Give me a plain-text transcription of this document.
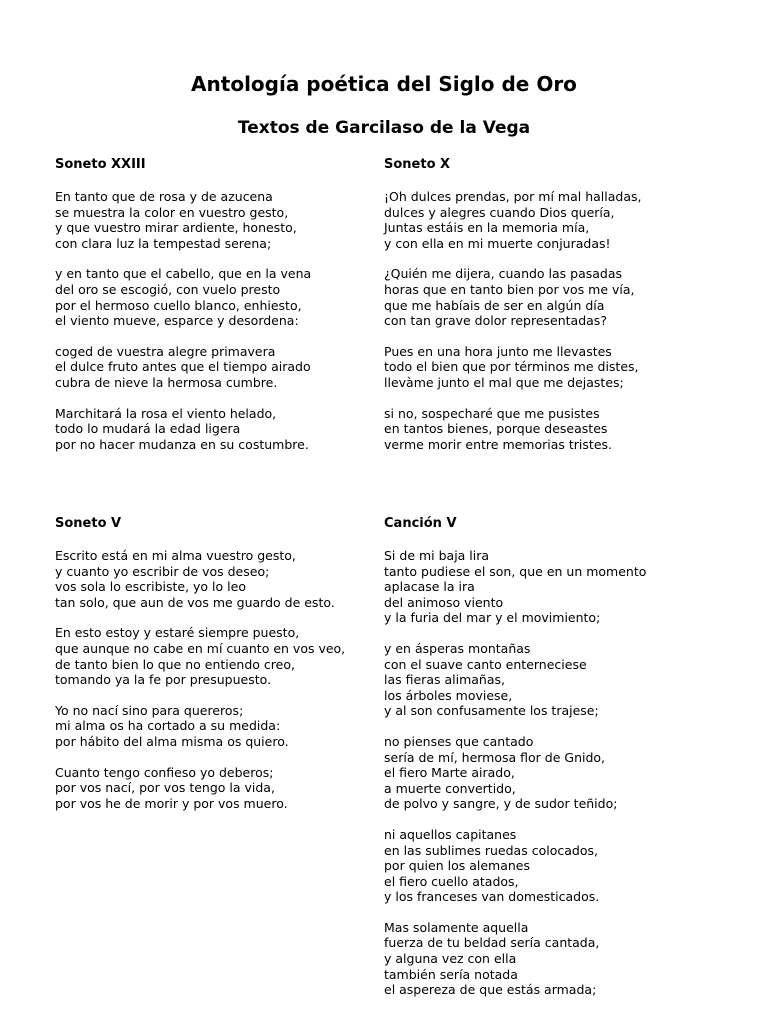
Antología poética del Siglo de Oro
Textos de Garcilaso de la Vega
Soneto XXIII
En tanto que de rosa y de azucena
se muestra la color en vuestro gesto,
y que vuestro mirar ardiente, honesto,
con clara luz la tempestad serena;
y en tanto que el cabello, que en la vena
del oro se escogió, con vuelo presto
por el hermoso cuello blanco, enhiesto,
el viento mueve, esparce y desordena:
coged de vuestra alegre primavera
el dulce fruto antes que el tiempo airado
cubra de nieve la hermosa cumbre.
Marchitará la rosa el viento helado,
todo lo mudará la edad ligera
por no hacer mudanza en su costumbre.
Soneto X
¡Oh dulces prendas, por mí mal halladas,
dulces y alegres cuando Dios quería,
Juntas estáis en la memoria mía,
y con ella en mi muerte conjuradas!
¿Quién me dijera, cuando las pasadas
horas que en tanto bien por vos me vía,
que me habíais de ser en algún día
con tan grave dolor representadas?
Pues en una hora junto me llevastes
todo el bien que por términos me distes,
llevàme junto el mal que me dejastes;
si no, sospecharé que me pusistes
en tantos bienes, porque deseastes
verme morir entre memorias tristes.
Soneto V
Escrito está en mi alma vuestro gesto,
y cuanto yo escribir de vos deseo;
vos sola lo escribiste, yo lo leo
tan solo, que aun de vos me guardo de esto.
En esto estoy y estaré siempre puesto,
que aunque no cabe en mí cuanto en vos veo,
de tanto bien lo que no entiendo creo,
tomando ya la fe por presupuesto.
Yo no nací sino para quereros;
mi alma os ha cortado a su medida:
por hábito del alma misma os quiero.
Cuanto tengo confieso yo deberos;
por vos nací, por vos tengo la vida,
por vos he de morir y por vos muero.
Canción V
Si de mi baja lira
tanto pudiese el son, que en un momento
aplacase la ira
del animoso viento
y la furia del mar y el movimiento;
y en ásperas montañas
con el suave canto enterneciese
las fieras alimañas,
los árboles moviese,
y al son confusamente los trajese;
no pienses que cantado
sería de mí, hermosa flor de Gnido,
el fiero Marte airado,
a muerte convertido,
de polvo y sangre, y de sudor teñido;
ni aquellos capitanes
en las sublimes ruedas colocados,
por quien los alemanes
el fiero cuello atados,
y los franceses van domesticados.
Mas solamente aquella
fuerza de tu beldad sería cantada,
y alguna vez con ella
también sería notada
el aspereza de que estás armada;
